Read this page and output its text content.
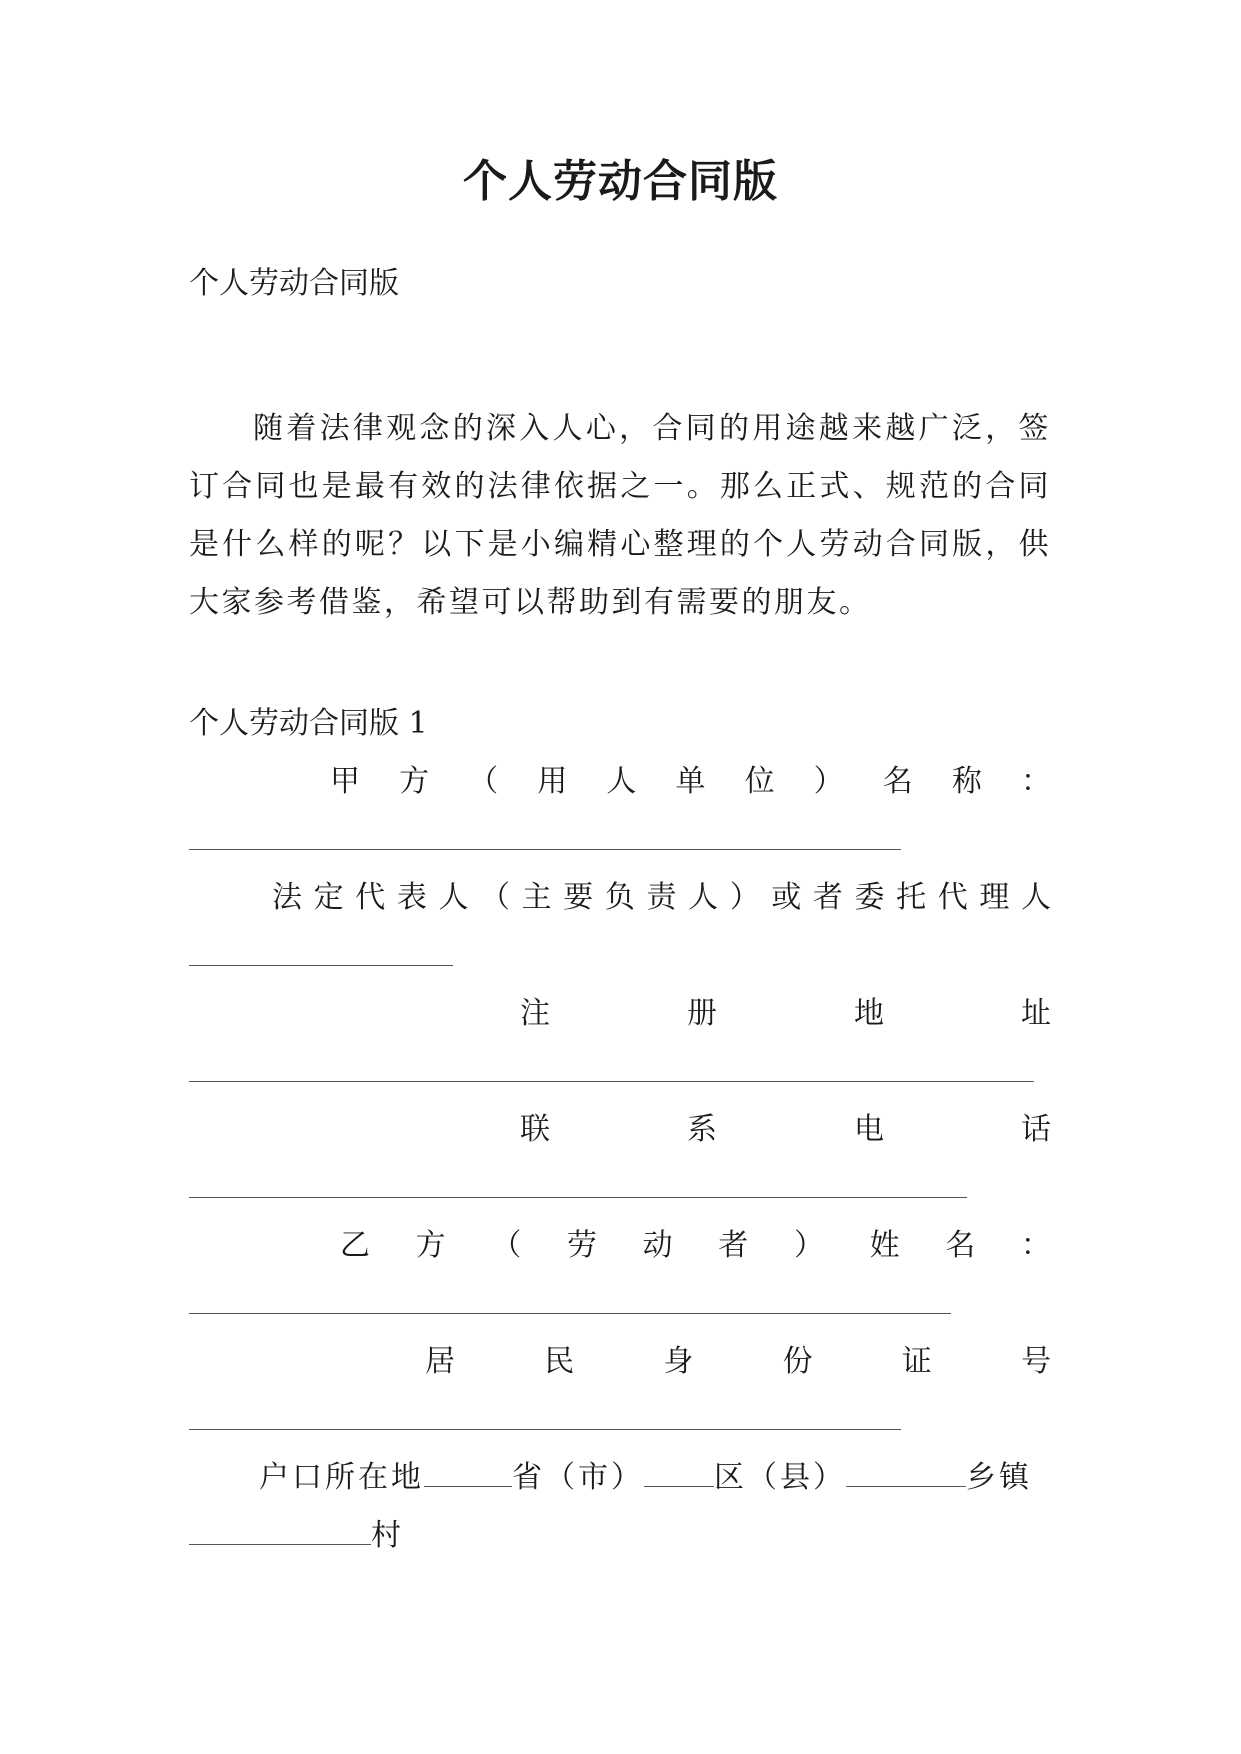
个人劳动合同版
个人劳动合同版
随着法律观念的深入人心，合同的用途越来越广泛，签订合同也是最有效的法律依据之一。那么正式、规范的合同是什么样的呢？以下是小编精心整理的个人劳动合同版，供大家参考借鉴，希望可以帮助到有需要的朋友。
个人劳动合同版 1
甲 方 （ 用 人 单 位 ） 名 称 ：
法 定 代 表 人 （ 主 要 负 责 人 ） 或 者 委 托 代 理 人
注	册	地	址
联	系	电	话
乙 方 （ 劳 动 者 ） 姓 名 ：
居	民	身	份	证	号
户口所在地	省（市） 区（县）	乡镇
村
